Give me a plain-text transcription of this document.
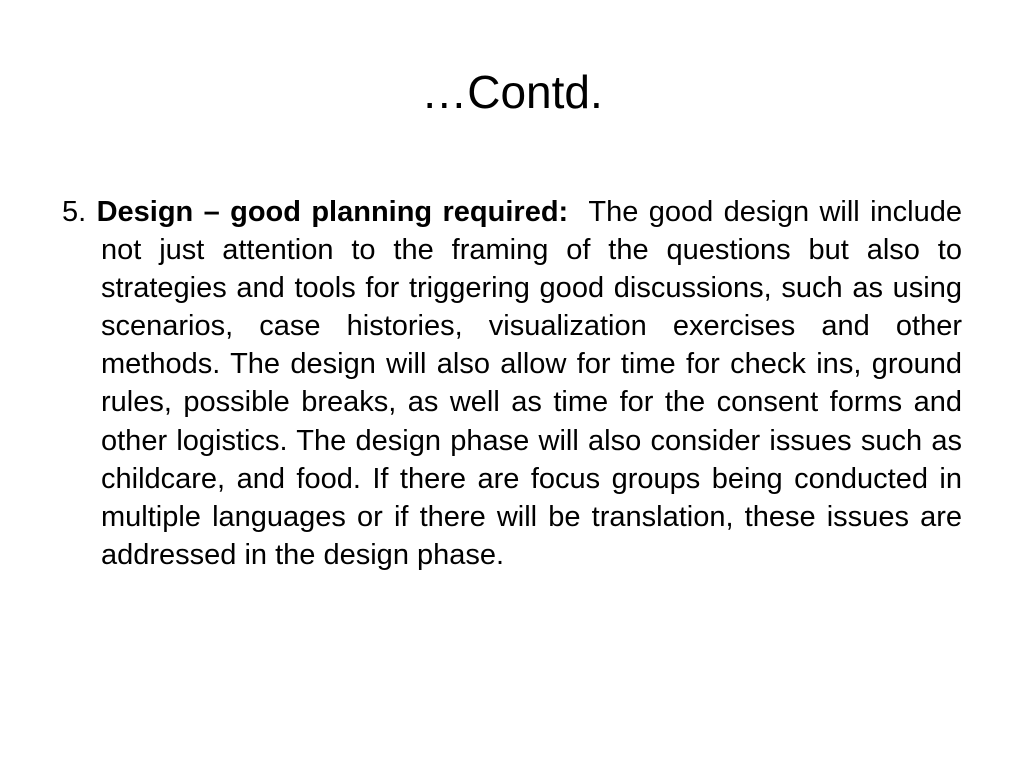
…Contd.

5. Design – good planning required: The good design will include not just attention to the framing of the questions but also to strategies and tools for triggering good discussions, such as using scenarios, case histories, visualization exercises and other methods. The design will also allow for time for check ins, ground rules, possible breaks, as well as time for the consent forms and other logistics. The design phase will also consider issues such as childcare, and food. If there are focus groups being conducted in multiple languages or if there will be translation, these issues are addressed in the design phase.
